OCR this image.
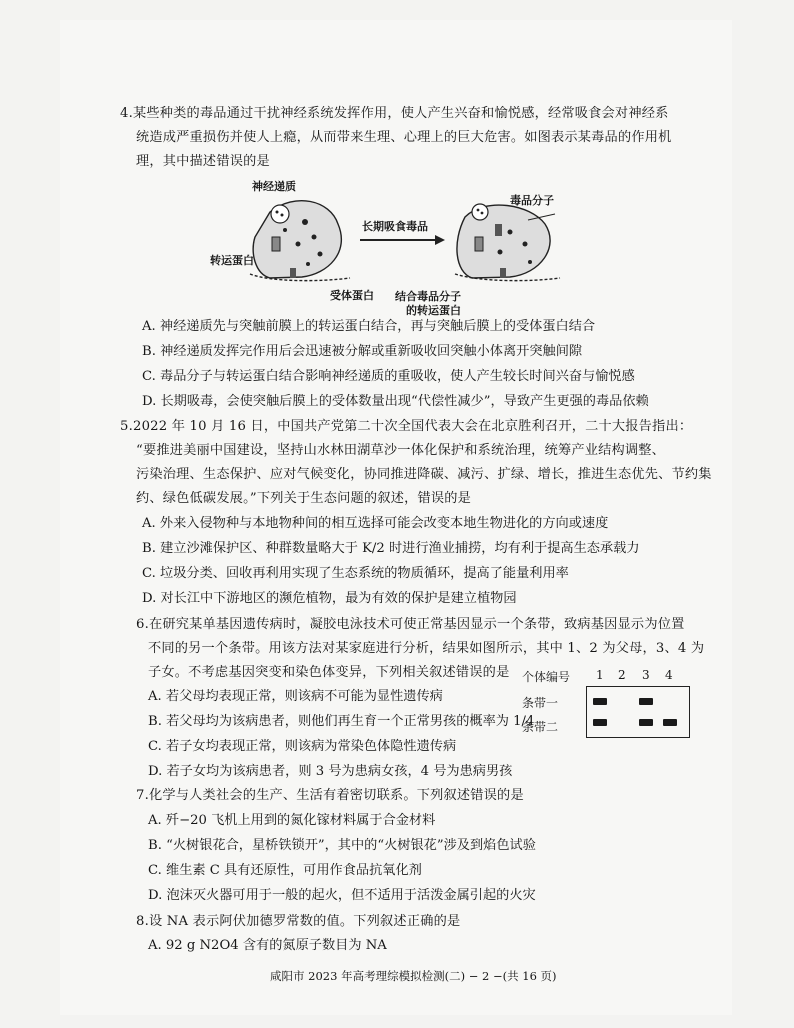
4.某些种类的毒品通过干扰神经系统发挥作用，使人产生兴奋和愉悦感，经常吸食会对神经系
统造成严重损伤并使人上瘾，从而带来生理、心理上的巨大危害。如图表示某毒品的作用机
理，其中描述错误的是
神经递质
转运蛋白
受体蛋白
长期吸食毒品
毒品分子
结合毒品分子
的转运蛋白
A. 神经递质先与突触前膜上的转运蛋白结合，再与突触后膜上的受体蛋白结合
B. 神经递质发挥完作用后会迅速被分解或重新吸收回突触小体离开突触间隙
C. 毒品分子与转运蛋白结合影响神经递质的重吸收，使人产生较长时间兴奋与愉悦感
D. 长期吸毒，会使突触后膜上的受体数量出现“代偿性减少”，导致产生更强的毒品依赖
5.2022 年 10 月 16 日，中国共产党第二十次全国代表大会在北京胜利召开，二十大报告指出：
“要推进美丽中国建设，坚持山水林田湖草沙一体化保护和系统治理，统筹产业结构调整、
污染治理、生态保护、应对气候变化，协同推进降碳、减污、扩绿、增长，推进生态优先、节约集
约、绿色低碳发展。”下列关于生态问题的叙述，错误的是
A. 外来入侵物种与本地物种间的相互选择可能会改变本地生物进化的方向或速度
B. 建立沙滩保护区、种群数量略大于 K/2 时进行渔业捕捞，均有利于提高生态承载力
C. 垃圾分类、回收再利用实现了生态系统的物质循环，提高了能量利用率
D. 对长江中下游地区的濒危植物，最为有效的保护是建立植物园
6.在研究某单基因遗传病时，凝胶电泳技术可使正常基因显示一个条带，致病基因显示为位置
不同的另一个条带。用该方法对某家庭进行分析，结果如图所示，其中 1、2 为父母，3、4 为
子女。不考虑基因突变和染色体变异，下列相关叙述错误的是
A. 若父母均表现正常，则该病不可能为显性遗传病
B. 若父母均为该病患者，则他们再生育一个正常男孩的概率为 1/4
C. 若子女均表现正常，则该病为常染色体隐性遗传病
D. 若子女均为该病患者，则 3 号为患病女孩，4 号为患病男孩
个体编号 1 2 3 4
条带一
条带二
7.化学与人类社会的生产、生活有着密切联系。下列叙述错误的是
A. 歼−20 飞机上用到的氮化镓材料属于合金材料
B. “火树银花合，星桥铁锁开”，其中的“火树银花”涉及到焰色试验
C. 维生素 C 具有还原性，可用作食品抗氧化剂
D. 泡沫灭火器可用于一般的起火，但不适用于活泼金属引起的火灾
8.设 NA 表示阿伏加德罗常数的值。下列叙述正确的是
A. 92 g N2O4 含有的氮原子数目为 NA
咸阳市 2023 年高考理综模拟检测(二) − 2 −(共 16 页)
